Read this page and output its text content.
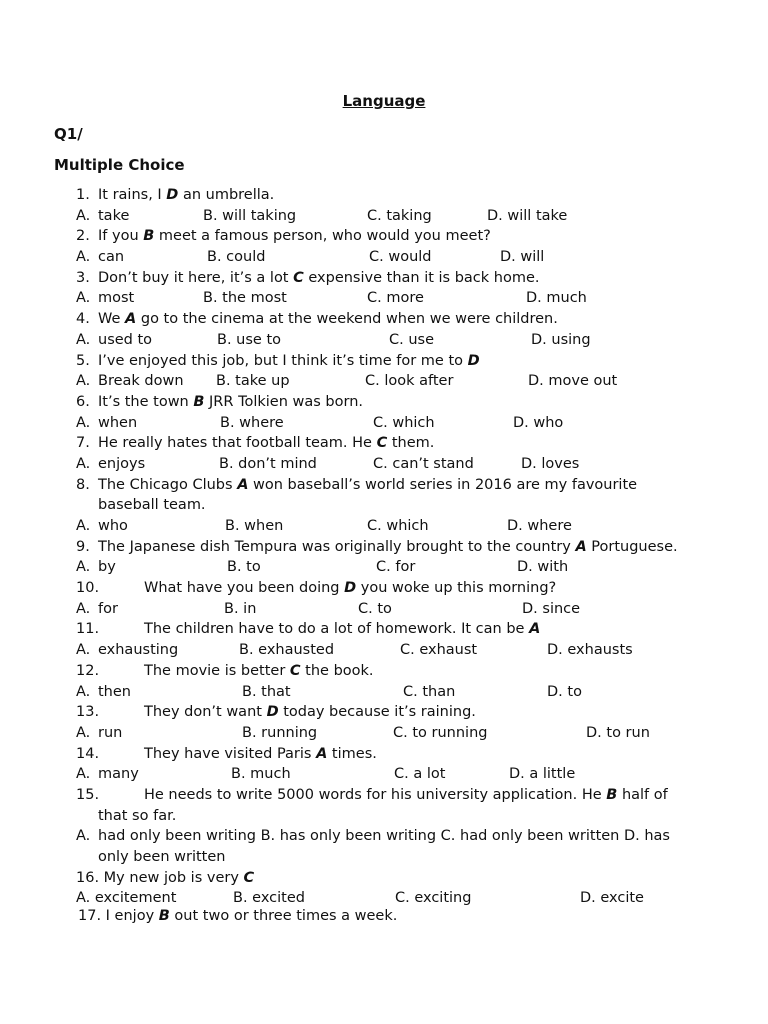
Language
Q1/
Multiple Choice
1. It rains, I D an umbrella.
A. take	B. will taking	C. taking	D. will take
2. If you B meet a famous person, who would you meet?
A. can	B. could	C. would	D. will
3. Don’t buy it here, it’s a lot C expensive than it is back home.
A. most	B. the most	C. more	D. much
4. We A go to the cinema at the weekend when we were children.
A. used to	B. use to	C. use	D. using
5. I’ve enjoyed this job, but I think it’s time for me to D
A. Break down B. take up	C. look after	D. move out
6. It’s the town B JRR Tolkien was born.
A. when	B. where	C. which	D. who
7. He really hates that football team. He C them.
A. enjoys	B. don’t mind	C. can’t stand	D. loves
8. The Chicago Clubs A won baseball’s world series in 2016 are my favourite
baseball team.
A. who	B. when	C. which	D. where
9. The Japanese dish Tempura was originally brought to the country A Portuguese.
A. by	B. to	C. for	D. with
10.	What have you been doing D you woke up this morning?
A. for	B. in	C. to	D. since
11.	The children have to do a lot of homework. It can be A
A. exhausting	B. exhausted	C. exhaust	D. exhausts
12.	The movie is better C the book.
A. then	B. that	C. than	D. to
13.	They don’t want D today because it’s raining.
A. run	B. running	C. to running	D. to run
14.	They have visited Paris A times.
A. many	B. much	C. a lot	D. a little
15.	He needs to write 5000 words for his university application. He B half of
that so far.
A. had only been writing B. has only been writing C. had only been written D. has
only been written
16. My new job is very C
A. excitement	B. excited	C. exciting	D. excite
17. I enjoy B out two or three times a week.
